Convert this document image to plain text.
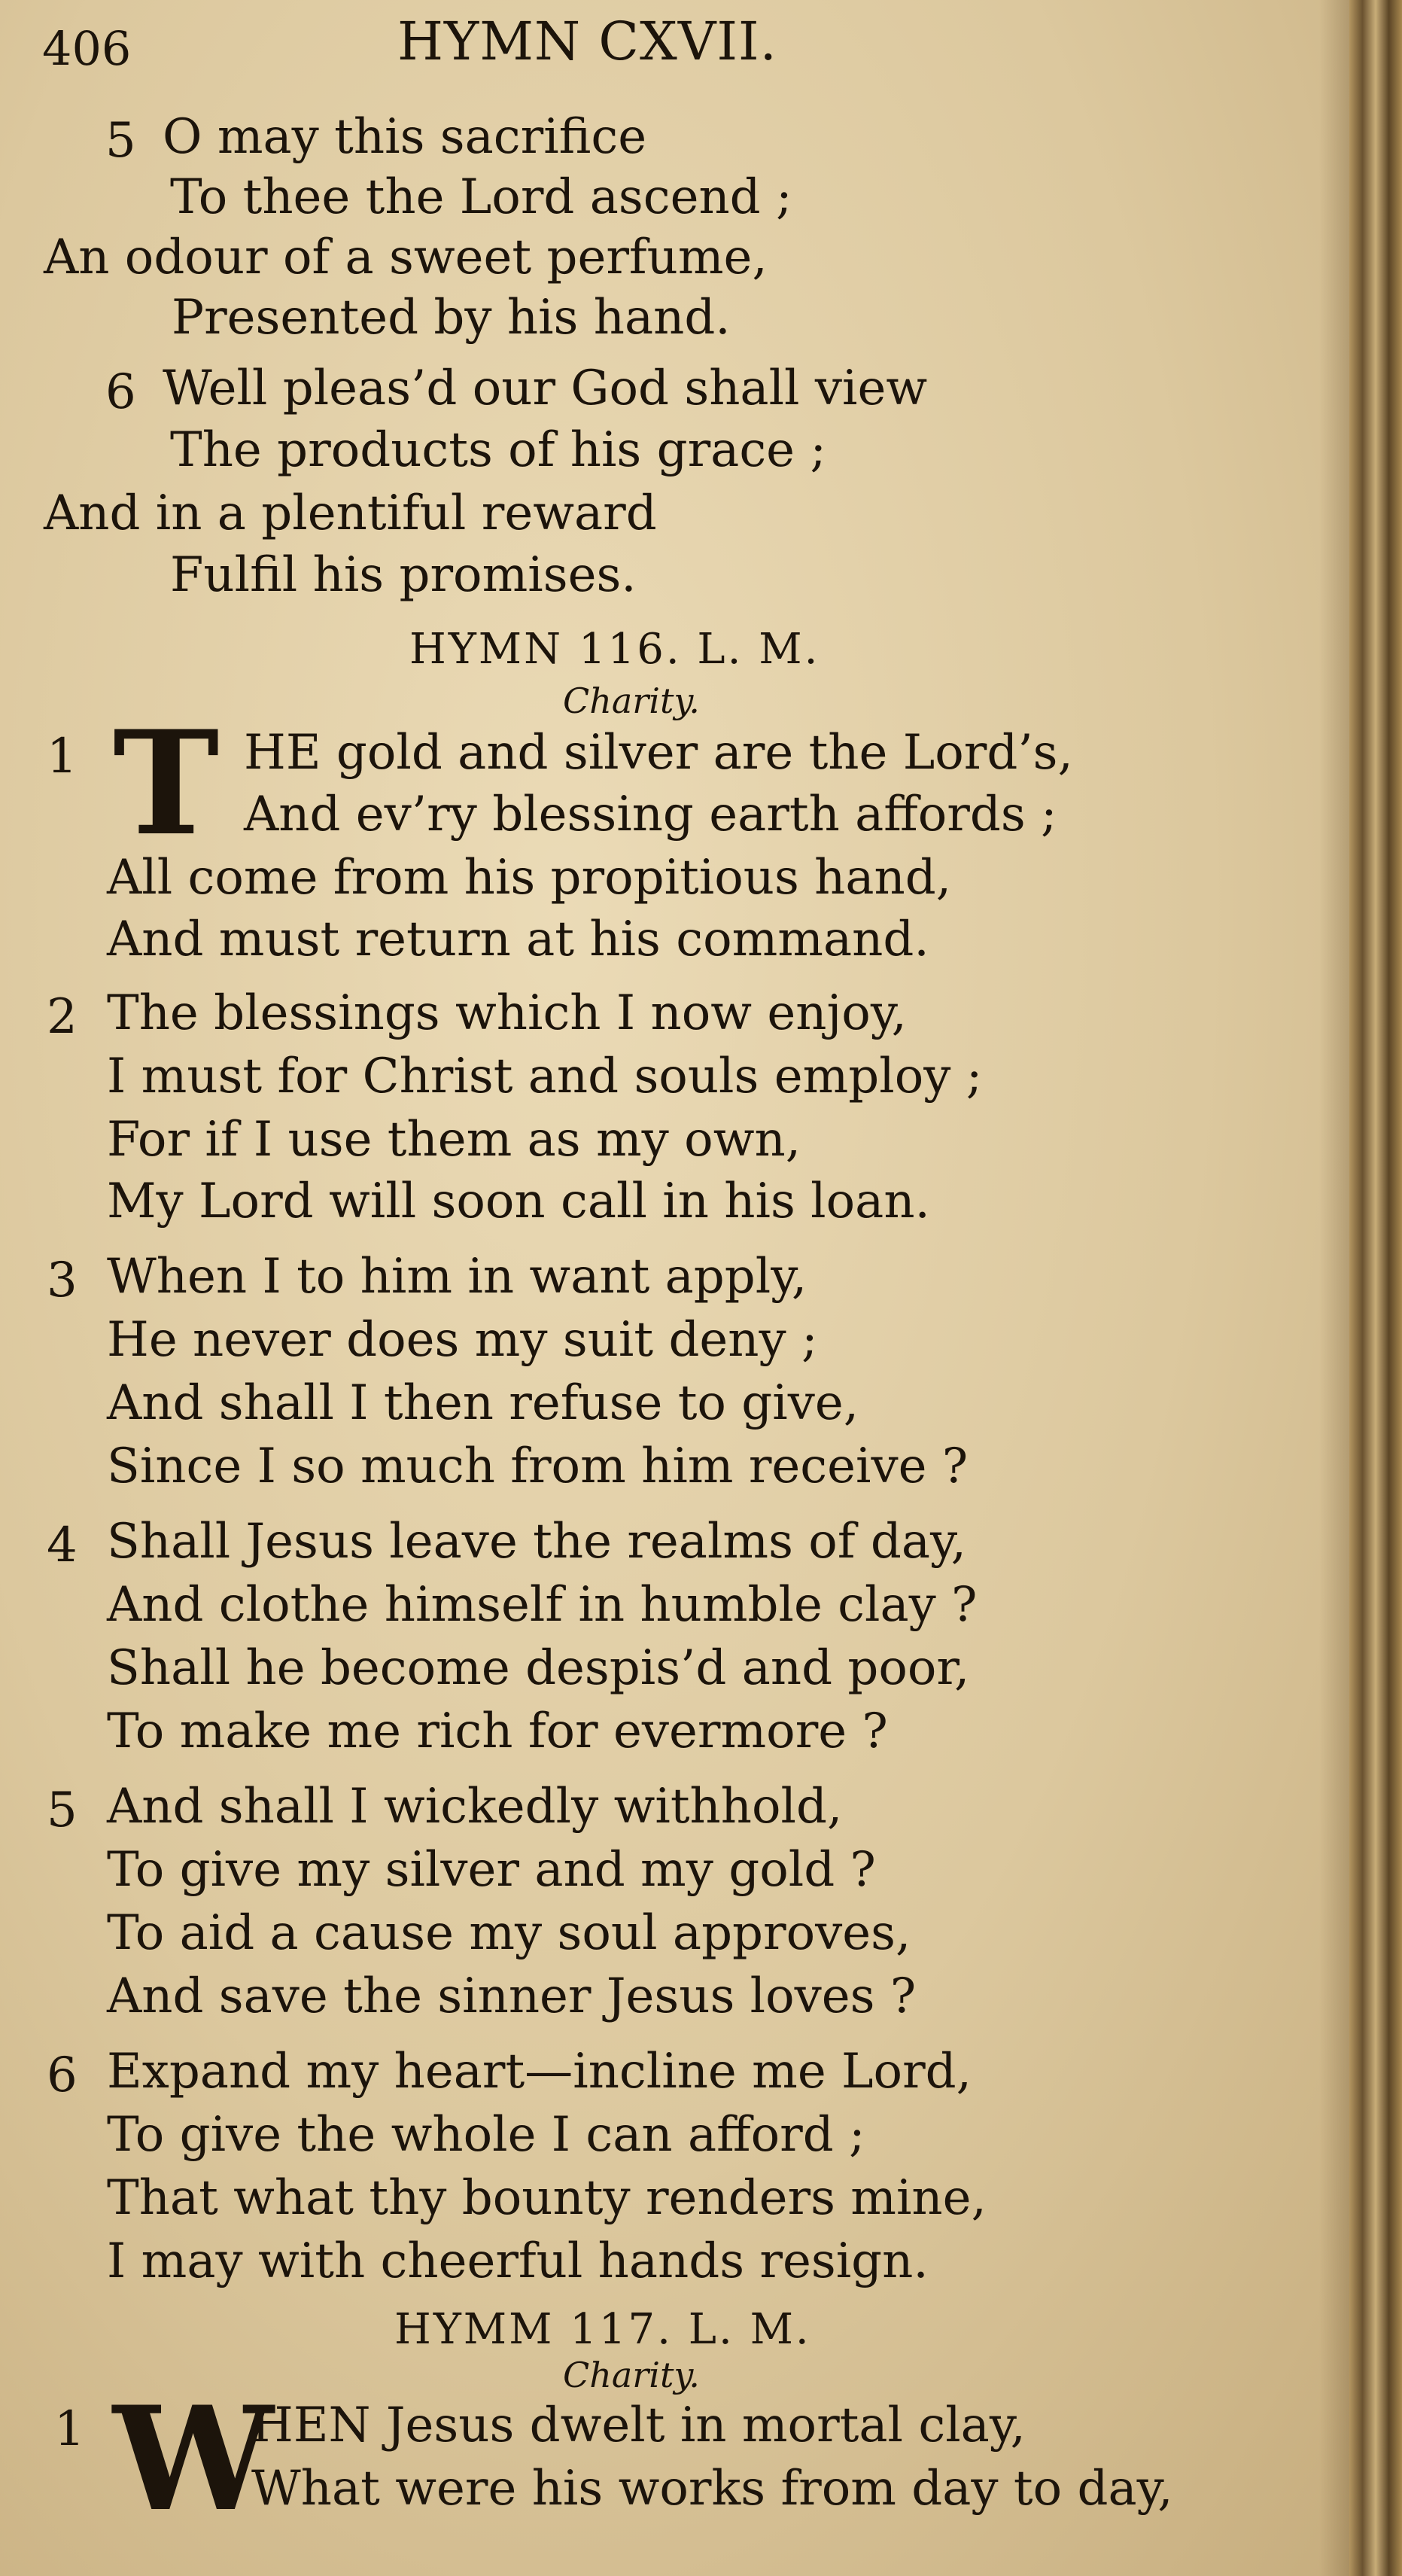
406	HYMN CXVII.
5 O may this sacrifice
To thee the Lord ascend ;
An odour of a sweet perfume,
Presented by his hand.
6 Well pleas’d our God shall view
The products of his grace ;
And in a plentiful reward
Fulfil his promises.
HYMN 116. L. M.
Charity.
1 T HE gold and silver are the Lord’s,
And ev’ry blessing earth affords ;
All come from his propitious hand,
And must return at his command.
2 The blessings which I now enjoy,
I must for Christ and souls employ ;
For if I use them as my own,
My Lord will soon call in his loan.
3 When I to him in want apply,
He never does my suit deny ;
And shall I then refuse to give,
Since I so much from him receive ?
4 Shall Jesus leave the realms of day,
And clothe himself in humble clay ?
Shall he become despis’d and poor,
To make me rich for evermore ?
5 And shall I wickedly withhold,
To give my silver and my gold ?
To aid a cause my soul approves,
And save the sinner Jesus loves ?
6 Expand my heart—incline me Lord,
To give the whole I can afford ;
That what thy bounty renders mine,
I may with cheerful hands resign.
HYMM 117. L. M.
Charity.
1 W
HEN Jesus dwelt in mortal clay,
What were his works from day to day,
